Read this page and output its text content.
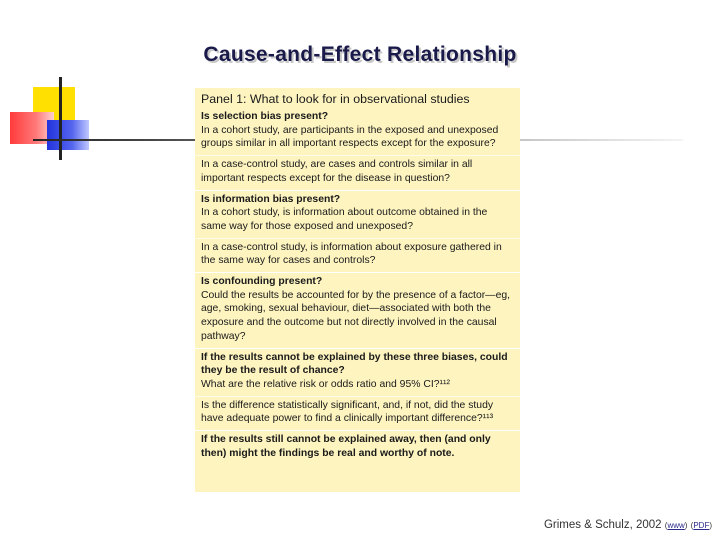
Cause-and-Effect Relationship
Panel 1: What to look for in observational studies
Is selection bias present?
In a cohort study, are participants in the exposed and unexposed groups similar in all important respects except for the exposure?
In a case-control study, are cases and controls similar in all important respects except for the disease in question?
Is information bias present?
In a cohort study, is information about outcome obtained in the same way for those exposed and unexposed?
In a case-control study, is information about exposure gathered in the same way for cases and controls?
Is confounding present?
Could the results be accounted for by the presence of a factor—eg, age, smoking, sexual behaviour, diet—associated with both the exposure and the outcome but not directly involved in the causal pathway?
If the results cannot be explained by these three biases, could they be the result of chance?
What are the relative risk or odds ratio and 95% CI?¹¹²
Is the difference statistically significant, and, if not, did the study have adequate power to find a clinically important difference?¹¹³
If the results still cannot be explained away, then (and only then) might the findings be real and worthy of note.
Grimes & Schulz, 2002 (www) (PDF)
